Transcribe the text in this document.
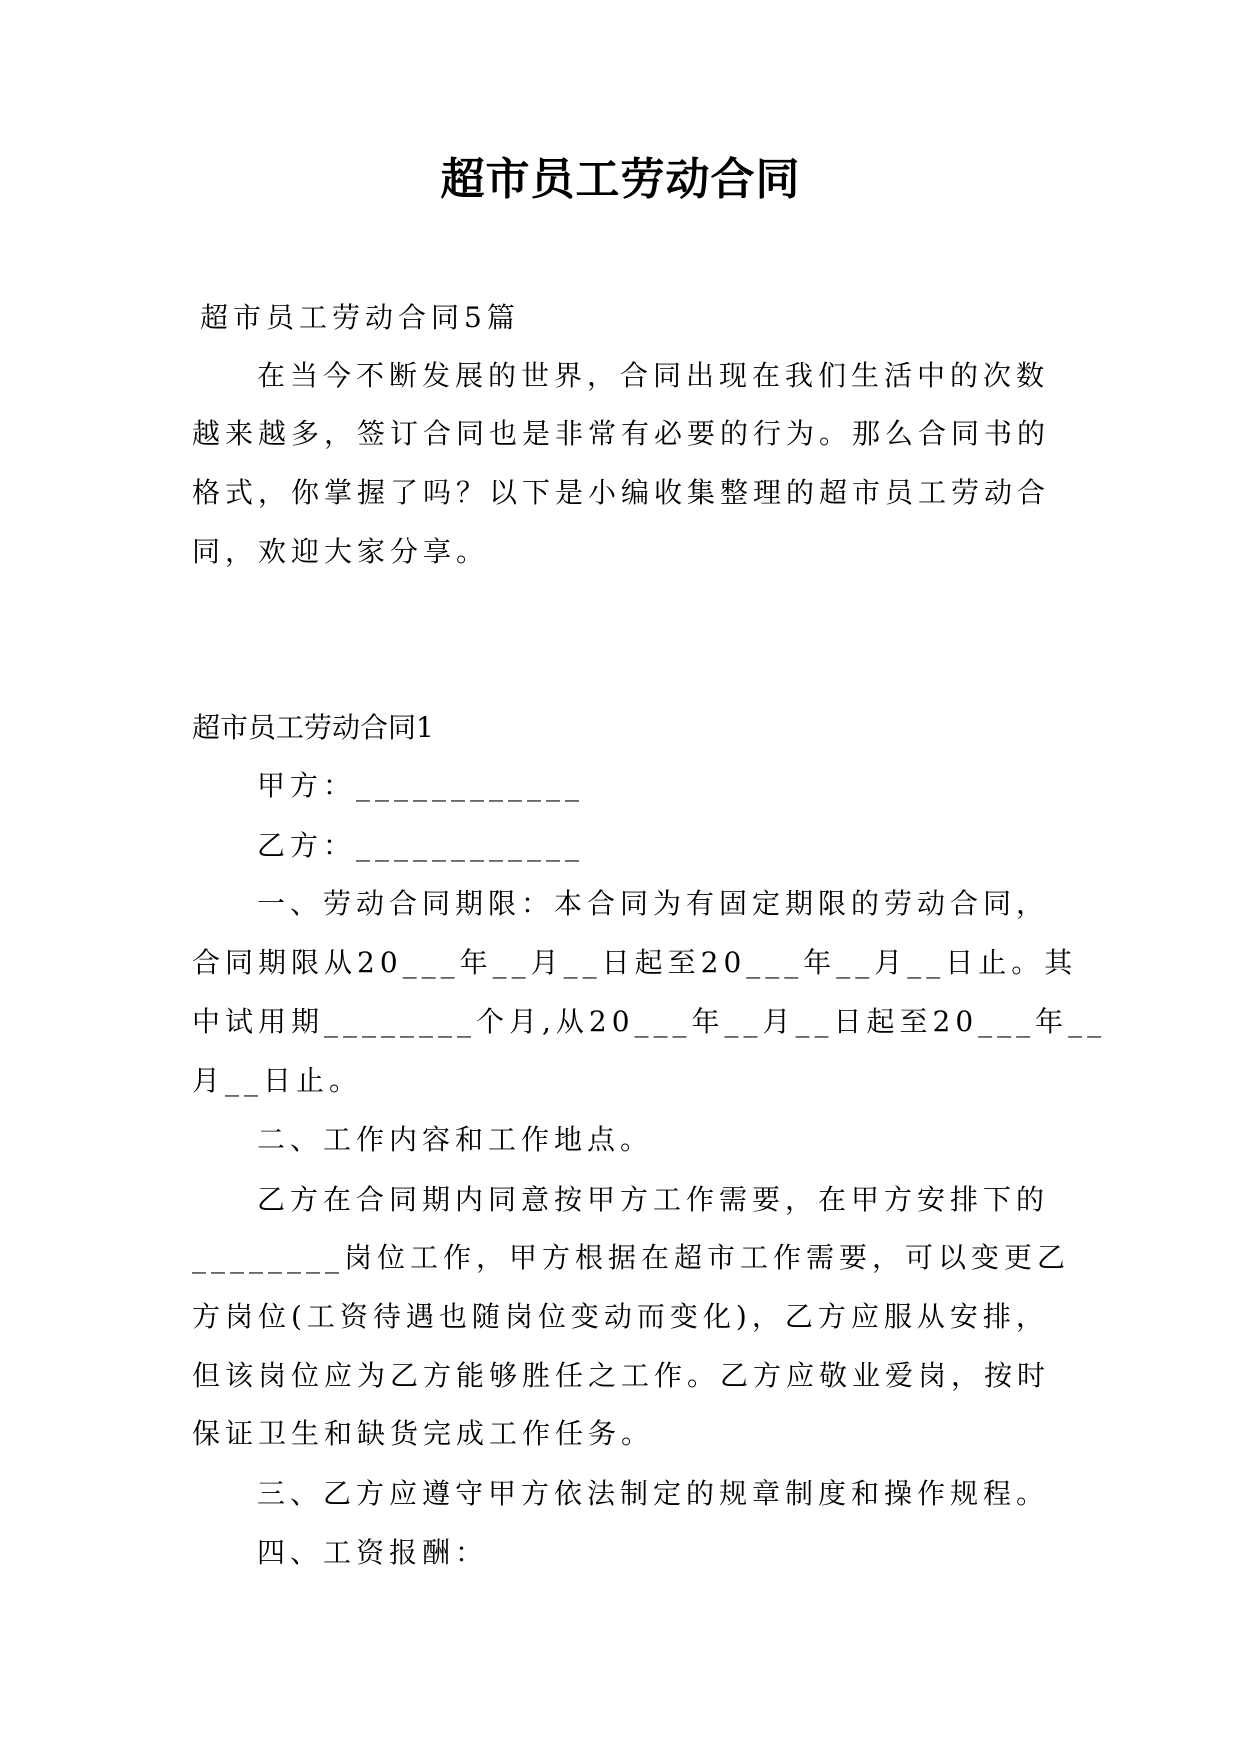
超市员工劳动合同
超市员工劳动合同5篇
在当今不断发展的世界，合同出现在我们生活中的次数
越来越多，签订合同也是非常有必要的行为。那么合同书的
格式，你掌握了吗？以下是小编收集整理的超市员工劳动合
同，欢迎大家分享。
超市员工劳动合同1
甲方：____________
乙方：____________
一、劳动合同期限：本合同为有固定期限的劳动合同，
合同期限从20___年__月__日起至20___年__月__日止。其
中试用期________个月,从20___年__月__日起至20___年__
月__日止。
二、工作内容和工作地点。
乙方在合同期内同意按甲方工作需要，在甲方安排下的
________岗位工作，甲方根据在超市工作需要，可以变更乙
方岗位(工资待遇也随岗位变动而变化)，乙方应服从安排，
但该岗位应为乙方能够胜任之工作。乙方应敬业爱岗，按时
保证卫生和缺货完成工作任务。
三、乙方应遵守甲方依法制定的规章制度和操作规程。
四、工资报酬：
